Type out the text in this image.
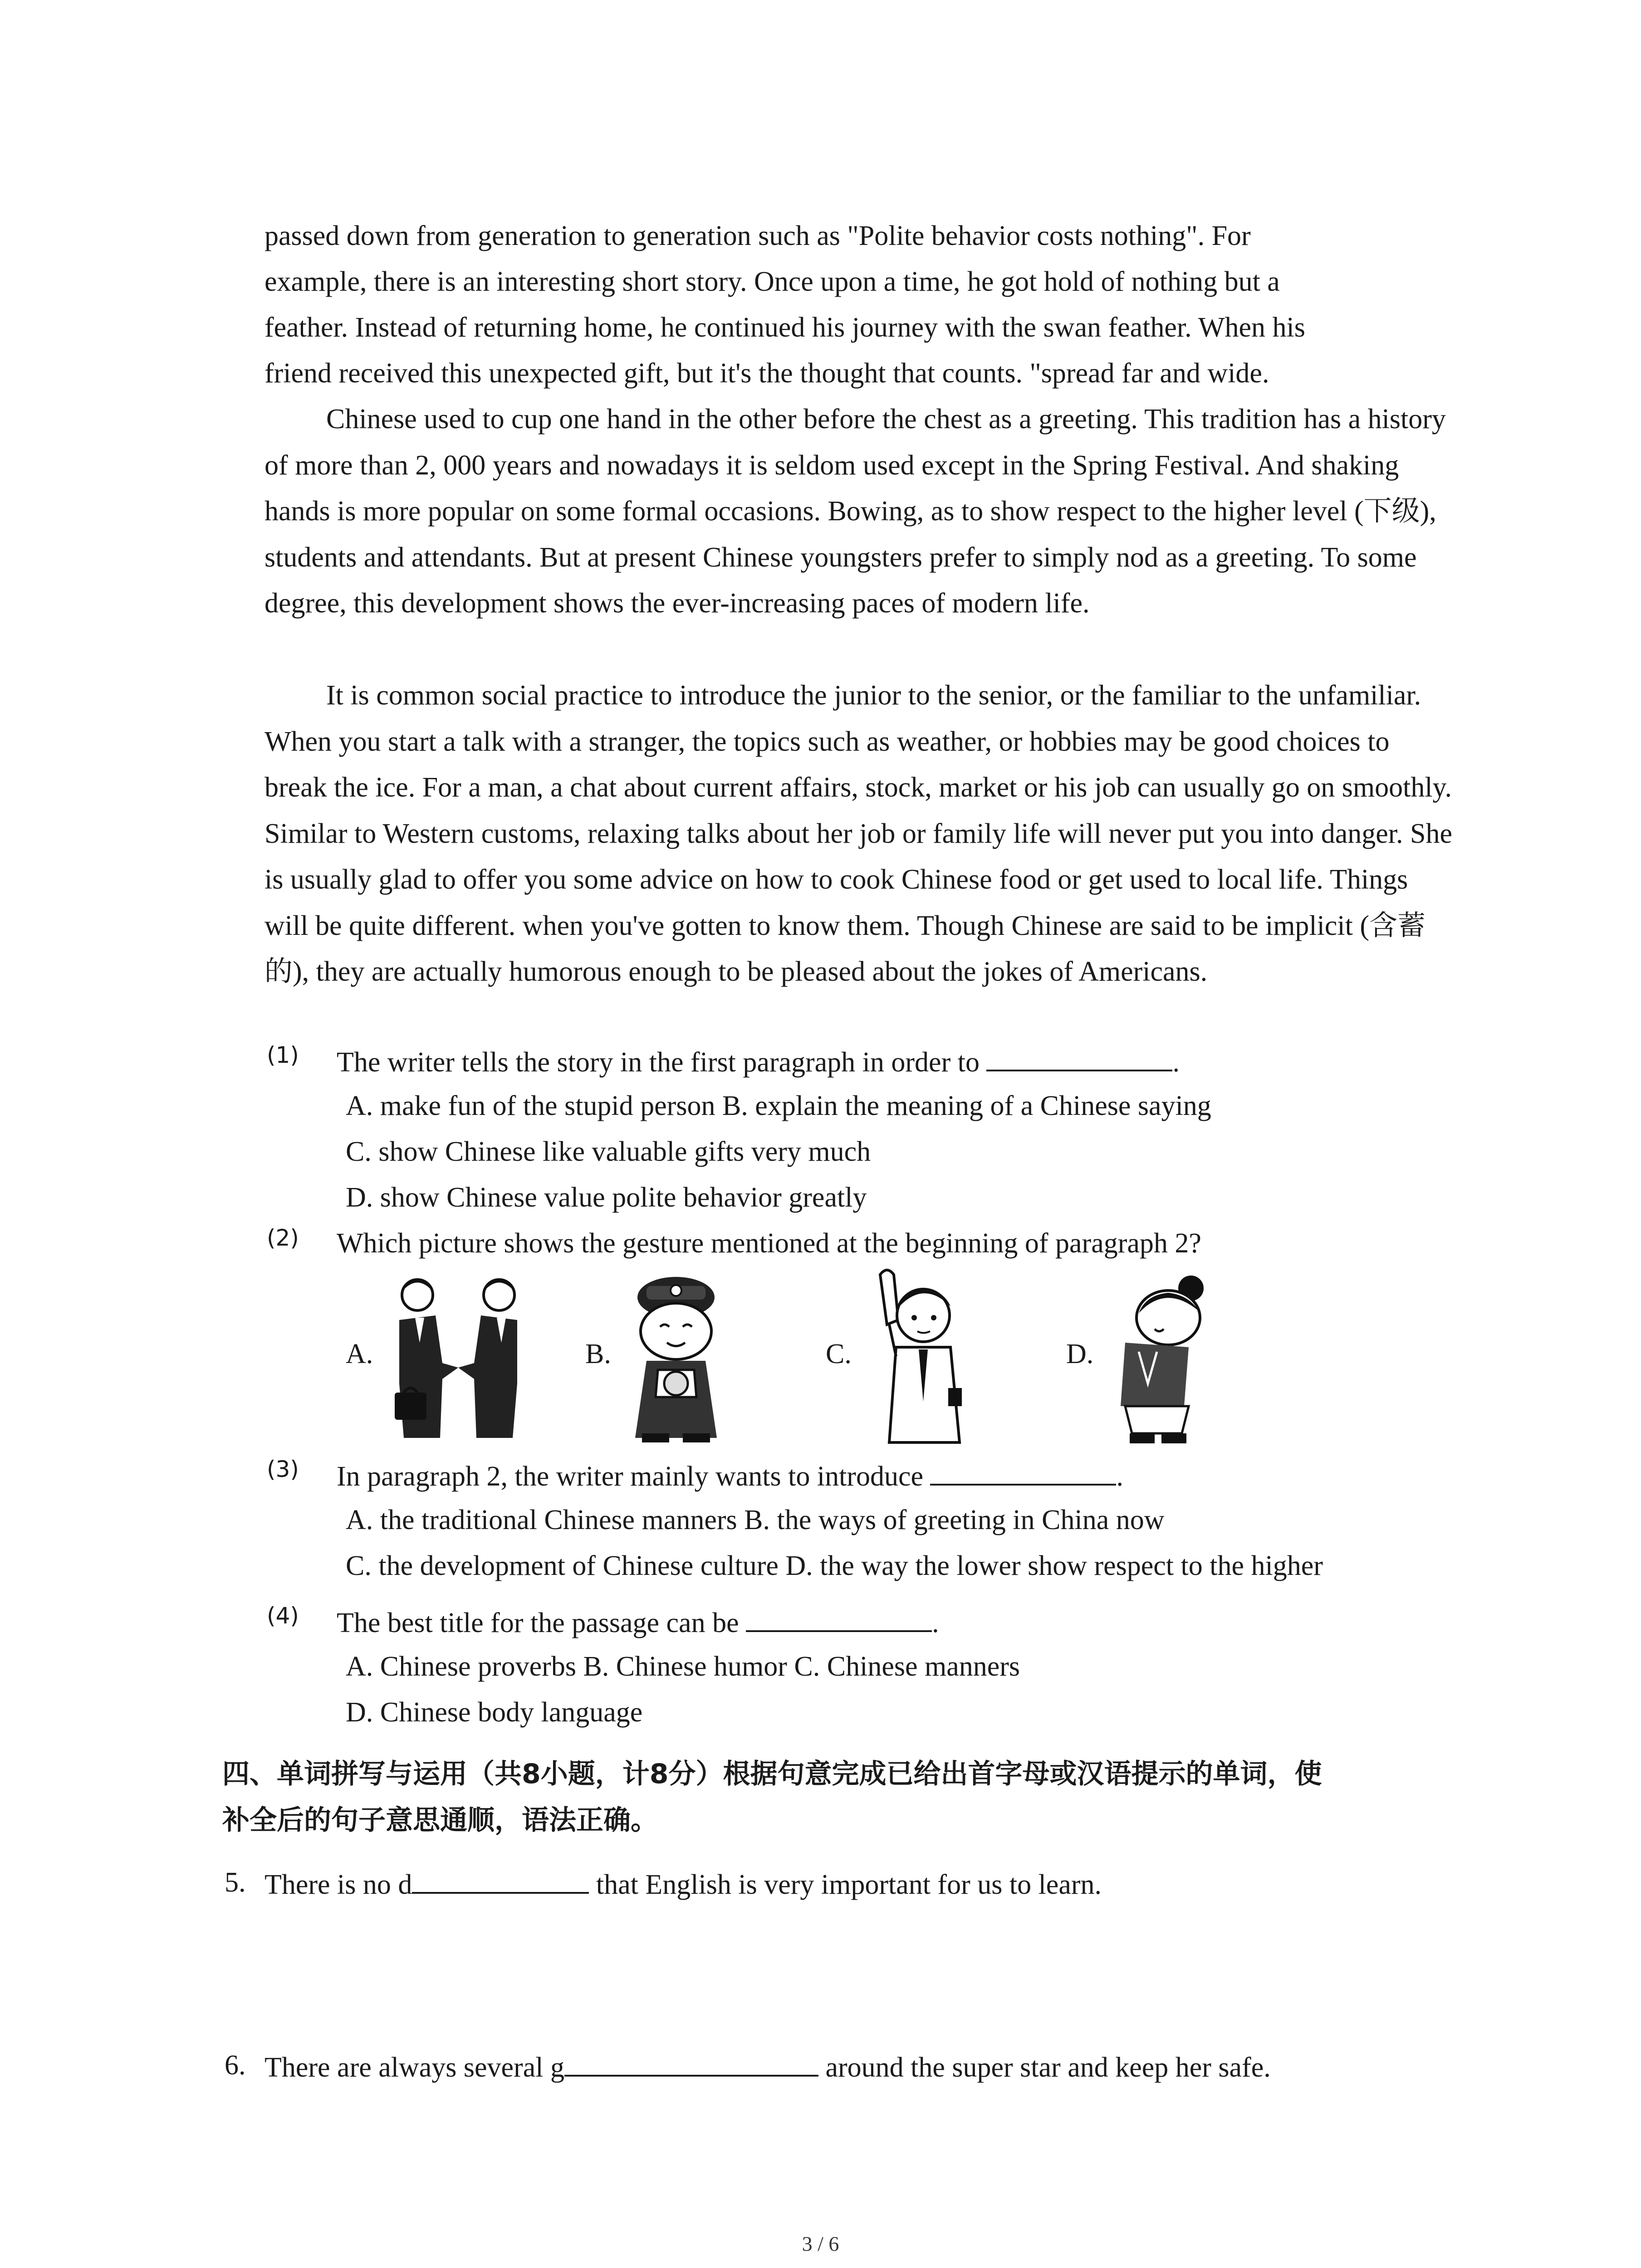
passed down from generation to generation such as "Polite behavior costs nothing". For
example, there is an interesting short story. Once upon a time, he got hold of nothing but a
feather. Instead of returning home, he continued his journey with the swan feather. When his
friend received this unexpected gift, but it's the thought that counts. "spread far and wide.

Chinese used to cup one hand in the other before the chest as a greeting. This tradition has a history of more than 2, 000 years and nowadays it is seldom used except in the Spring Festival. And shaking hands is more popular on some formal occasions. Bowing, as to show respect to the higher level (下级), students and attendants. But at present Chinese youngsters prefer to simply nod as a greeting. To some degree, this development shows the ever-increasing paces of modern life.

It is common social practice to introduce the junior to the senior, or the familiar to the unfamiliar. When you start a talk with a stranger, the topics such as weather, or hobbies may be good choices to break the ice. For a man, a chat about current affairs, stock, market or his job can usually go on smoothly. Similar to Western customs, relaxing talks about her job or family life will never put you into danger. She is usually glad to offer you some advice on how to cook Chinese food or get used to local life. Things will be quite different. when you've gotten to know them. Though Chinese are said to be implicit (含蓄的), they are actually humorous enough to be pleased about the jokes of Americans.

(1) The writer tells the story in the first paragraph in order to	.
A. make fun of the stupid person B. explain the meaning of a Chinese saying
C. show Chinese like valuable gifts very much
D. show Chinese value polite behavior greatly
(2) Which picture shows the gesture mentioned at the beginning of paragraph 2?
A.	B.	C.	D.
(3) In paragraph 2, the writer mainly wants to introduce	.
A. the traditional Chinese manners B. the ways of greeting in China now
C. the development of Chinese culture D. the way the lower show respect to the higher
(4) The best title for the passage can be	.
A. Chinese proverbs B. Chinese humor C. Chinese manners
D. Chinese body language
四、单词拼写与运用（共8小题，计8分）根据句意完成已给出首字母或汉语提示的单词，使
补全后的句子意思通顺，语法正确。
5. There is no d	that English is very important for us to learn.
6. There are always several g	around the super star and keep her safe.
3 / 6
